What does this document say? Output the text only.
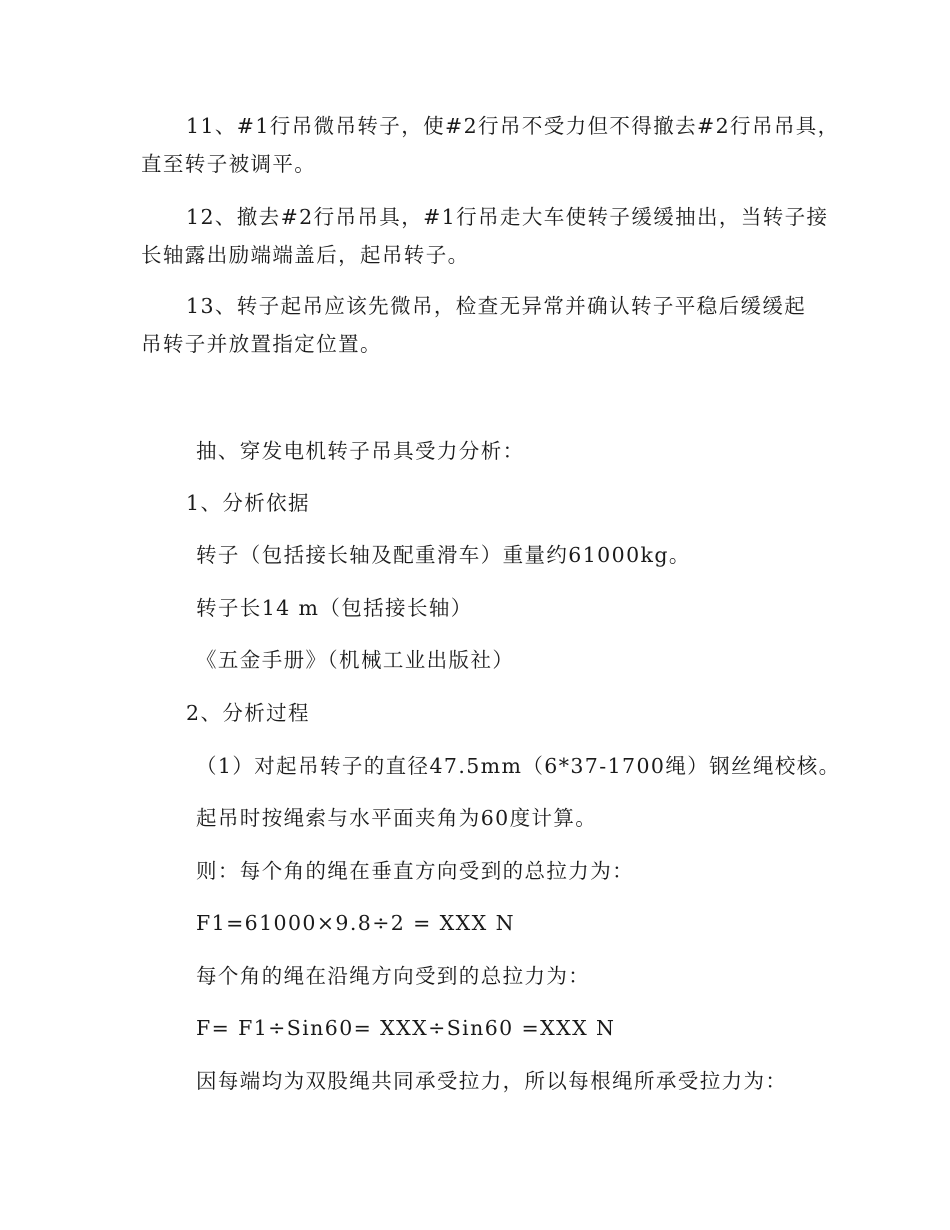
11、#1行吊微吊转子，使#2行吊不受力但不得撤去#2行吊吊具，
直至转子被调平。
12、撤去#2行吊吊具，#1行吊走大车使转子缓缓抽出，当转子接
长轴露出励端端盖后，起吊转子。
13、转子起吊应该先微吊，检查无异常并确认转子平稳后缓缓起
吊转子并放置指定位置。
抽、穿发电机转子吊具受力分析：
1、分析依据
转子（包括接长轴及配重滑车）重量约61000kg。
转子长14 m（包括接长轴）
《五金手册》（机械工业出版社）
2、分析过程
（1）对起吊转子的直径47.5mm（6*37-1700绳）钢丝绳校核。
起吊时按绳索与水平面夹角为60度计算。
则：每个角的绳在垂直方向受到的总拉力为：
F1=61000×9.8÷2 = XXX N
每个角的绳在沿绳方向受到的总拉力为：
F= F1÷Sin60= XXX÷Sin60 =XXX N
因每端均为双股绳共同承受拉力，所以每根绳所承受拉力为：
